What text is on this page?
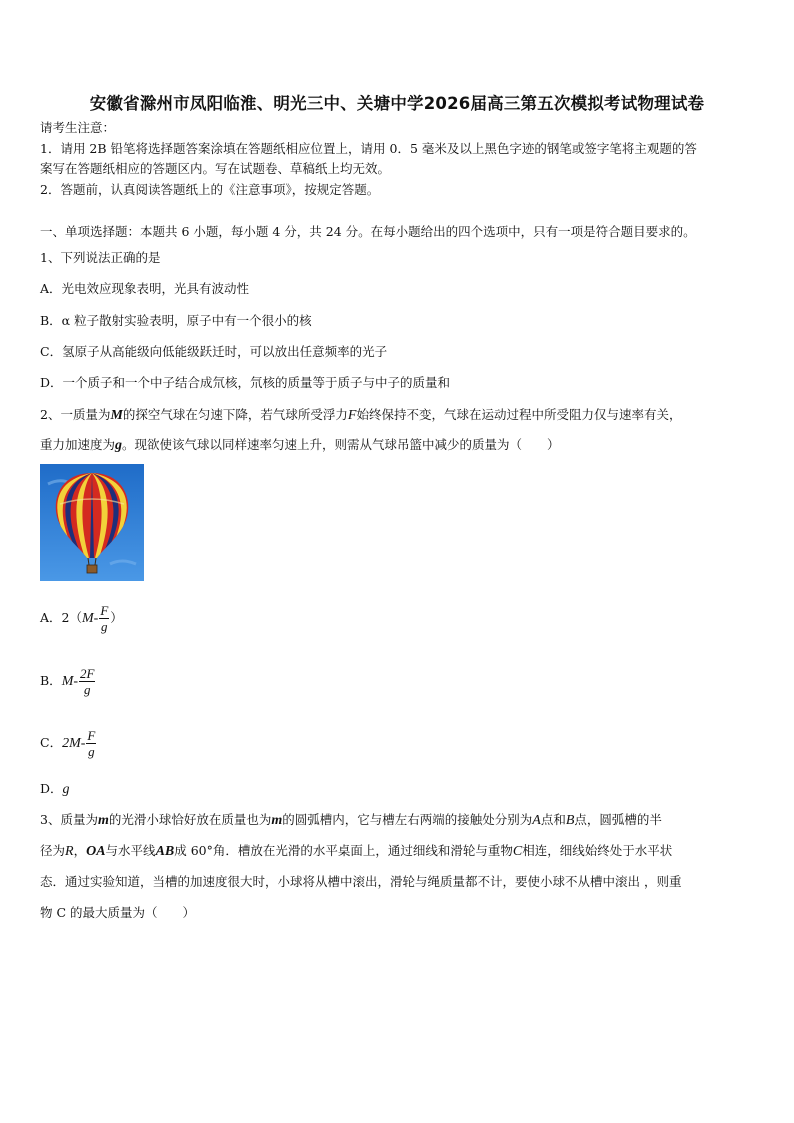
安徽省滁州市凤阳临淮、明光三中、关塘中学2026届高三第五次模拟考试物理试卷
请考生注意：
1．请用 2B 铅笔将选择题答案涂填在答题纸相应位置上，请用 0．5 毫米及以上黑色字迹的钢笔或签字笔将主观题的答
案写在答题纸相应的答题区内。写在试题卷、草稿纸上均无效。
2．答题前，认真阅读答题纸上的《注意事项》，按规定答题。
一、单项选择题：本题共 6 小题，每小题 4 分，共 24 分。在每小题给出的四个选项中，只有一项是符合题目要求的。
1、下列说法正确的是
A．光电效应现象表明，光具有波动性
B．α 粒子散射实验表明，原子中有一个很小的核
C．氢原子从高能级向低能级跃迁时，可以放出任意频率的光子
D．一个质子和一个中子结合成氘核，氘核的质量等于质子与中子的质量和
2、一质量为M的探空气球在匀速下降，若气球所受浮力F始终保持不变，气球在运动过程中所受阻力仅与速率有关，
重力加速度为g。现欲使该气球以同样速率匀速上升，则需从气球吊篮中减少的质量为（　　）
A．$2(M- \frac{F}{g}$ ）
B．$M- \frac{2F}{g}$
C．$2M- \frac{F}{g}$
D．g
3、质量为m的光滑小球恰好放在质量也为m的圆弧槽内，它与槽左右两端的接触处分别为A点和B点，圆弧槽的半
径为R，OA与水平线AB成 60°角．槽放在光滑的水平桌面上，通过细线和滑轮与重物C相连，细线始终处于水平状
态．通过实验知道，当槽的加速度很大时，小球将从槽中滚出，滑轮与绳质量都不计，要使小球不从槽中滚出 ，则重
物 C 的最大质量为（　　）
